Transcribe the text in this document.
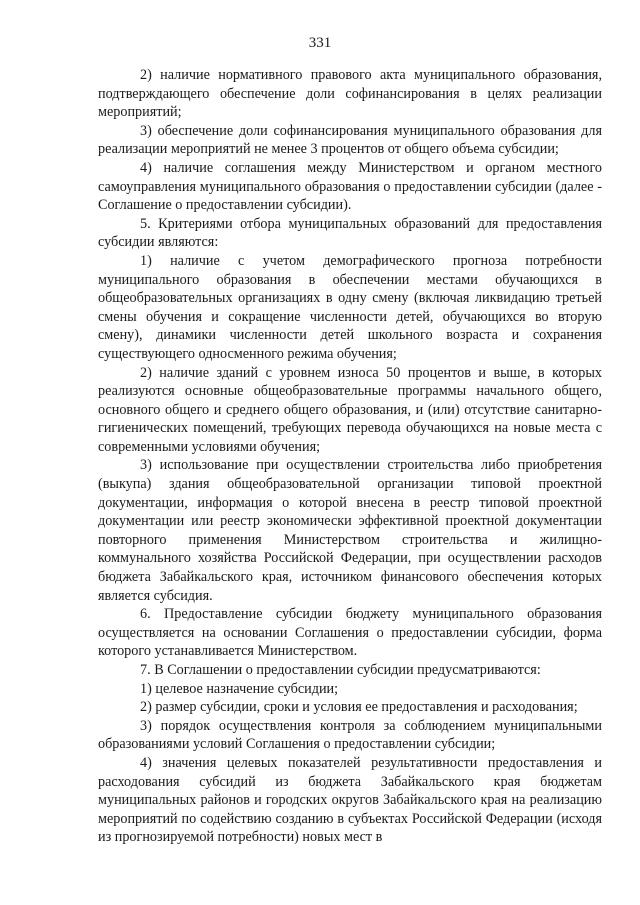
331

2) наличие нормативного правового акта муниципального образования, подтверждающего обеспечение доли софинансирования в целях реализации мероприятий;

3) обеспечение доли софинансирования муниципального образования для реализации мероприятий не менее 3 процентов от общего объема субсидии;

4) наличие соглашения между Министерством и органом местного самоуправления муниципального образования о предоставлении субсидии (далее - Соглашение о предоставлении субсидии).

5. Критериями отбора муниципальных образований для предоставления субсидии являются:

1) наличие с учетом демографического прогноза потребности муниципального образования в обеспечении местами обучающихся в общеобразовательных организациях в одну смену (включая ликвидацию третьей смены обучения и сокращение численности детей, обучающихся во вторую смену), динамики численности детей школьного возраста и сохранения существующего односменного режима обучения;

2) наличие зданий с уровнем износа 50 процентов и выше, в которых реализуются основные общеобразовательные программы начального общего, основного общего и среднего общего образования, и (или) отсутствие санитарно-гигиенических помещений, требующих перевода обучающихся на новые места с современными условиями обучения;

3) использование при осуществлении строительства либо приобретения (выкупа) здания общеобразовательной организации типовой проектной документации, информация о которой внесена в реестр типовой проектной документации или реестр экономически эффективной проектной документации повторного применения Министерством строительства и жилищно-коммунального хозяйства Российской Федерации, при осуществлении расходов бюджета Забайкальского края, источником финансового обеспечения которых является субсидия.

6. Предоставление субсидии бюджету муниципального образования осуществляется на основании Соглашения о предоставлении субсидии, форма которого устанавливается Министерством.

7. В Соглашении о предоставлении субсидии предусматриваются:

1) целевое назначение субсидии;

2) размер субсидии, сроки и условия ее предоставления и расходования;

3) порядок осуществления контроля за соблюдением муниципальными образованиями условий Соглашения о предоставлении субсидии;

4) значения целевых показателей результативности предоставления и расходования субсидий из бюджета Забайкальского края бюджетам муниципальных районов и городских округов Забайкальского края на реализацию мероприятий по содействию созданию в субъектах Российской Федерации (исходя из прогнозируемой потребности) новых мест в
